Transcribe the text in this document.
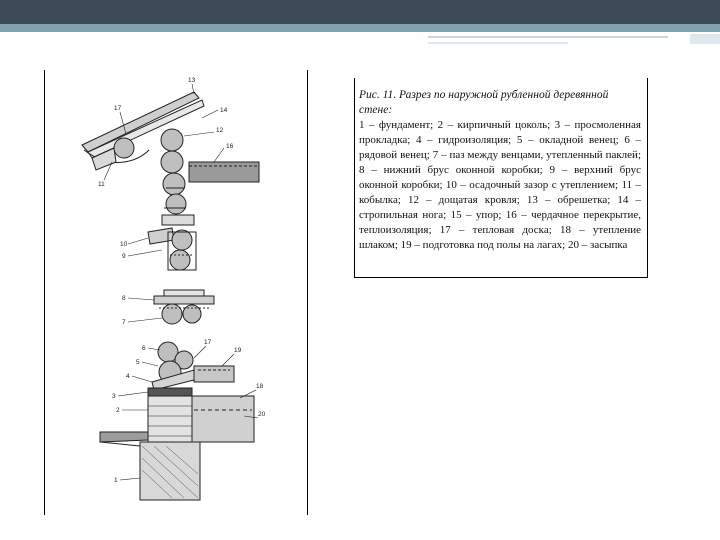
13
17	14
12
16
11
10
9
8
7
6
5
17
4
19
3
18
2
20
1

Рис. 11. Разрез по наружной рубленной деревянной стене:

1 – фундамент; 2 – кирпичный цоколь; 3 – просмоленная прокладка; 4 – гидроизоляция; 5 – окладной венец; 6 – рядовой венец; 7 – паз между венцами, утепленный паклей; 8 – нижний брус оконной коробки; 9 – верхний брус оконной коробки; 10 – осадочный зазор с утеплением; 11 – кобылка; 12 – дощатая кровля; 13 – обрешетка; 14 – стропильная нога; 15 – упор; 16 – чердачное перекрытие, теплоизоляция; 17 – тепловая доска; 18 – утепление шлаком; 19 – подготовка под полы на лагах; 20 – засыпка
